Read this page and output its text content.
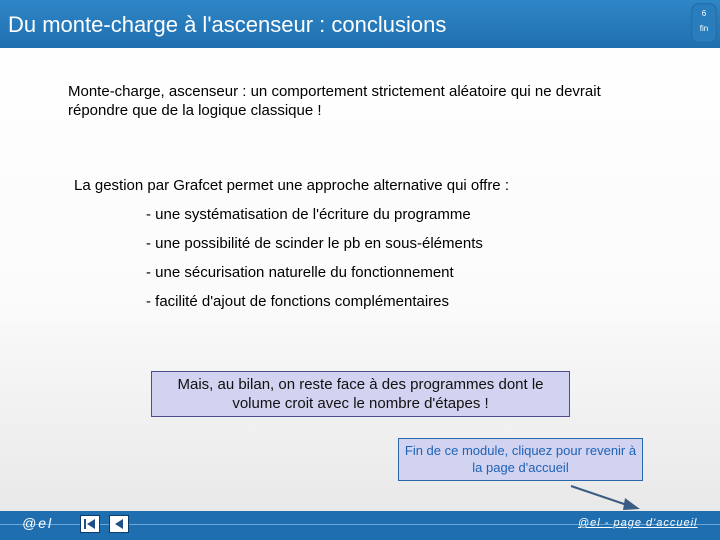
Du monte-charge à l'ascenseur : conclusions	6
fin
Monte-charge, ascenseur : un comportement strictement aléatoire qui ne devrait répondre que de la logique classique !
La gestion par Grafcet permet une approche alternative qui offre :
- une systématisation de l'écriture du programme
- une possibilité de scinder le pb en sous-éléments
- une sécurisation naturelle du fonctionnement
- facilité d'ajout de fonctions complémentaires
Mais, au bilan, on reste face à des programmes dont le volume croit avec le nombre d'étapes !
Fin de ce module, cliquez pour revenir à la page d'accueil
@el	@el - page d'accueil
